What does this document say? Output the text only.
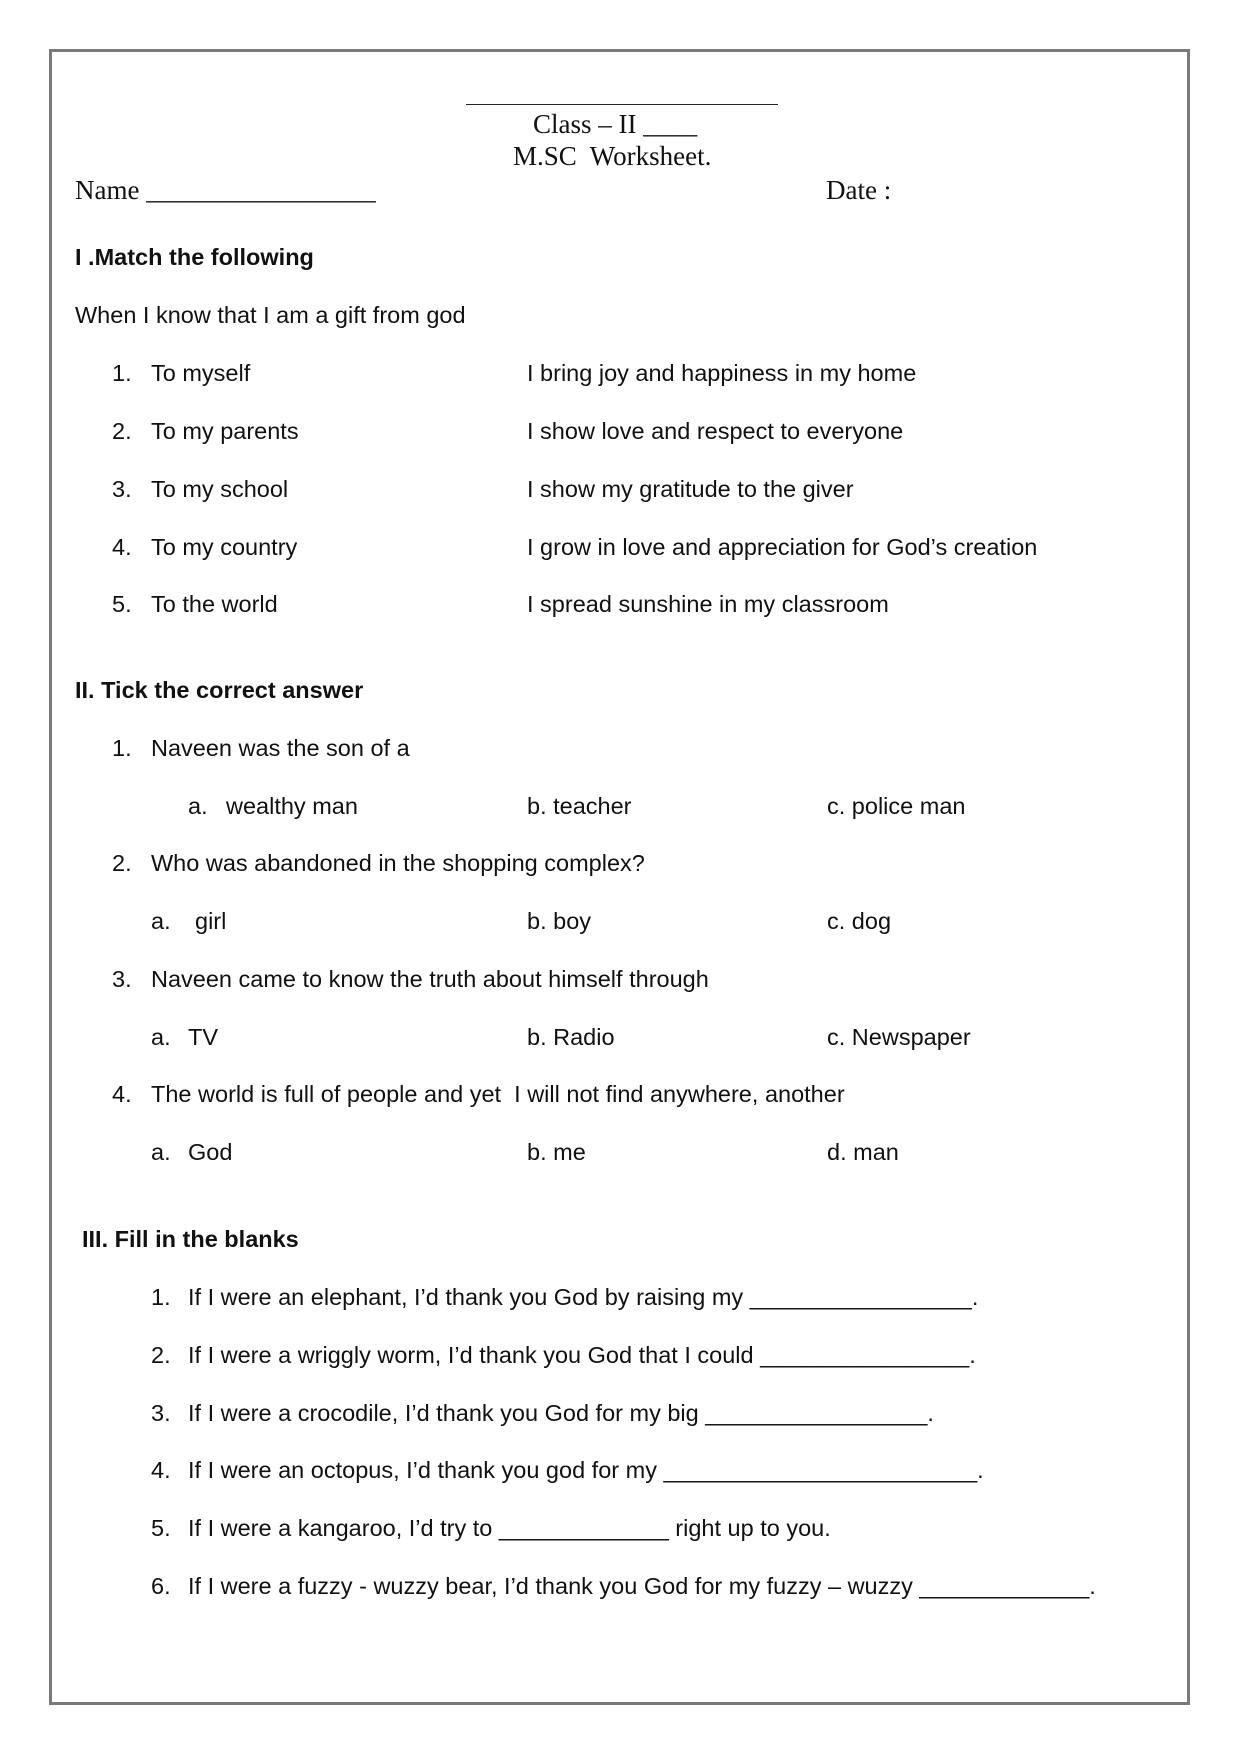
Class – II ____
M.SC  Worksheet.
Name _________________	Date :
I .Match the following
When I know that I am a gift from god
1. To myself	I bring joy and happiness in my home
2. To my parents	I show love and respect to everyone
3. To my school	I show my gratitude to the giver
4. To my country	I grow in love and appreciation for God’s creation
5. To the world	I spread sunshine in my classroom
II. Tick the correct answer
1. Naveen was the son of a
a. wealthy man	b. teacher	c. police man
2. Who was abandoned in the shopping complex?
a. girl	b. boy	c. dog
3. Naveen came to know the truth about himself through
a. TV	b. Radio	c. Newspaper
4. The world is full of people and yet  I will not find anywhere, another
a. God	b. me	d. man
III. Fill in the blanks
1. If I were an elephant, I’d thank you God by raising my _________________.
2. If I were a wriggly worm, I’d thank you God that I could ________________.
3. If I were a crocodile, I’d thank you God for my big _________________.
4. If I were an octopus, I’d thank you god for my ________________________.
5. If I were a kangaroo, I’d try to _____________ right up to you.
6. If I were a fuzzy - wuzzy bear, I’d thank you God for my fuzzy – wuzzy _____________.
